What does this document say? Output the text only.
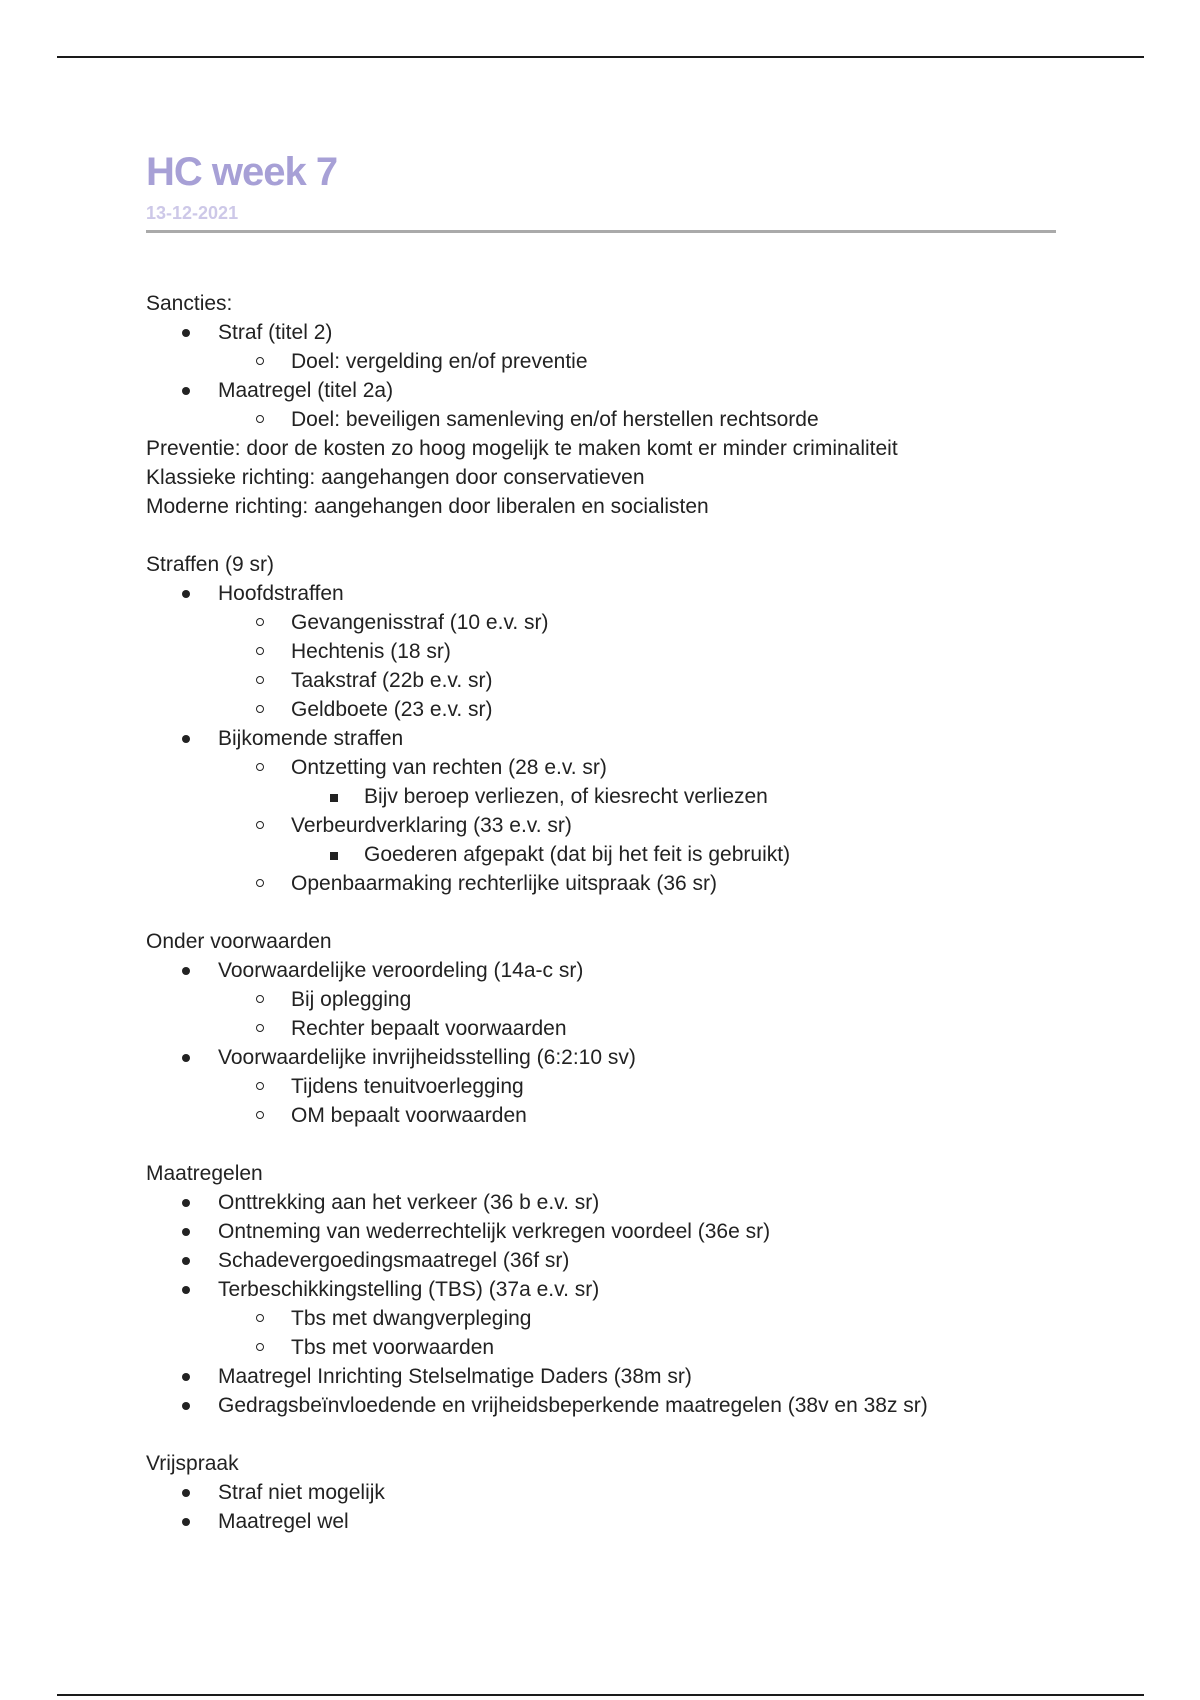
HC week 7
13-12-2021
Sancties:
Straf (titel 2)
Doel: vergelding en/of preventie
Maatregel (titel 2a)
Doel: beveiligen samenleving en/of herstellen rechtsorde
Preventie: door de kosten zo hoog mogelijk te maken komt er minder criminaliteit
Klassieke richting: aangehangen door conservatieven
Moderne richting: aangehangen door liberalen en socialisten
Straffen (9 sr)
Hoofdstraffen
Gevangenisstraf (10 e.v. sr)
Hechtenis (18 sr)
Taakstraf (22b e.v. sr)
Geldboete (23 e.v. sr)
Bijkomende straffen
Ontzetting van rechten (28 e.v. sr)
Bijv beroep verliezen, of kiesrecht verliezen
Verbeurdverklaring (33 e.v. sr)
Goederen afgepakt (dat bij het feit is gebruikt)
Openbaarmaking rechterlijke uitspraak (36 sr)
Onder voorwaarden
Voorwaardelijke veroordeling (14a-c sr)
Bij oplegging
Rechter bepaalt voorwaarden
Voorwaardelijke invrijheidsstelling (6:2:10 sv)
Tijdens tenuitvoerlegging
OM bepaalt voorwaarden
Maatregelen
Onttrekking aan het verkeer (36 b e.v. sr)
Ontneming van wederrechtelijk verkregen voordeel (36e sr)
Schadevergoedingsmaatregel (36f sr)
Terbeschikkingstelling (TBS) (37a e.v. sr)
Tbs met dwangverpleging
Tbs met voorwaarden
Maatregel Inrichting Stelselmatige Daders (38m sr)
Gedragsbeïnvloedende en vrijheidsbeperkende maatregelen (38v en 38z sr)
Vrijspraak
Straf niet mogelijk
Maatregel wel
